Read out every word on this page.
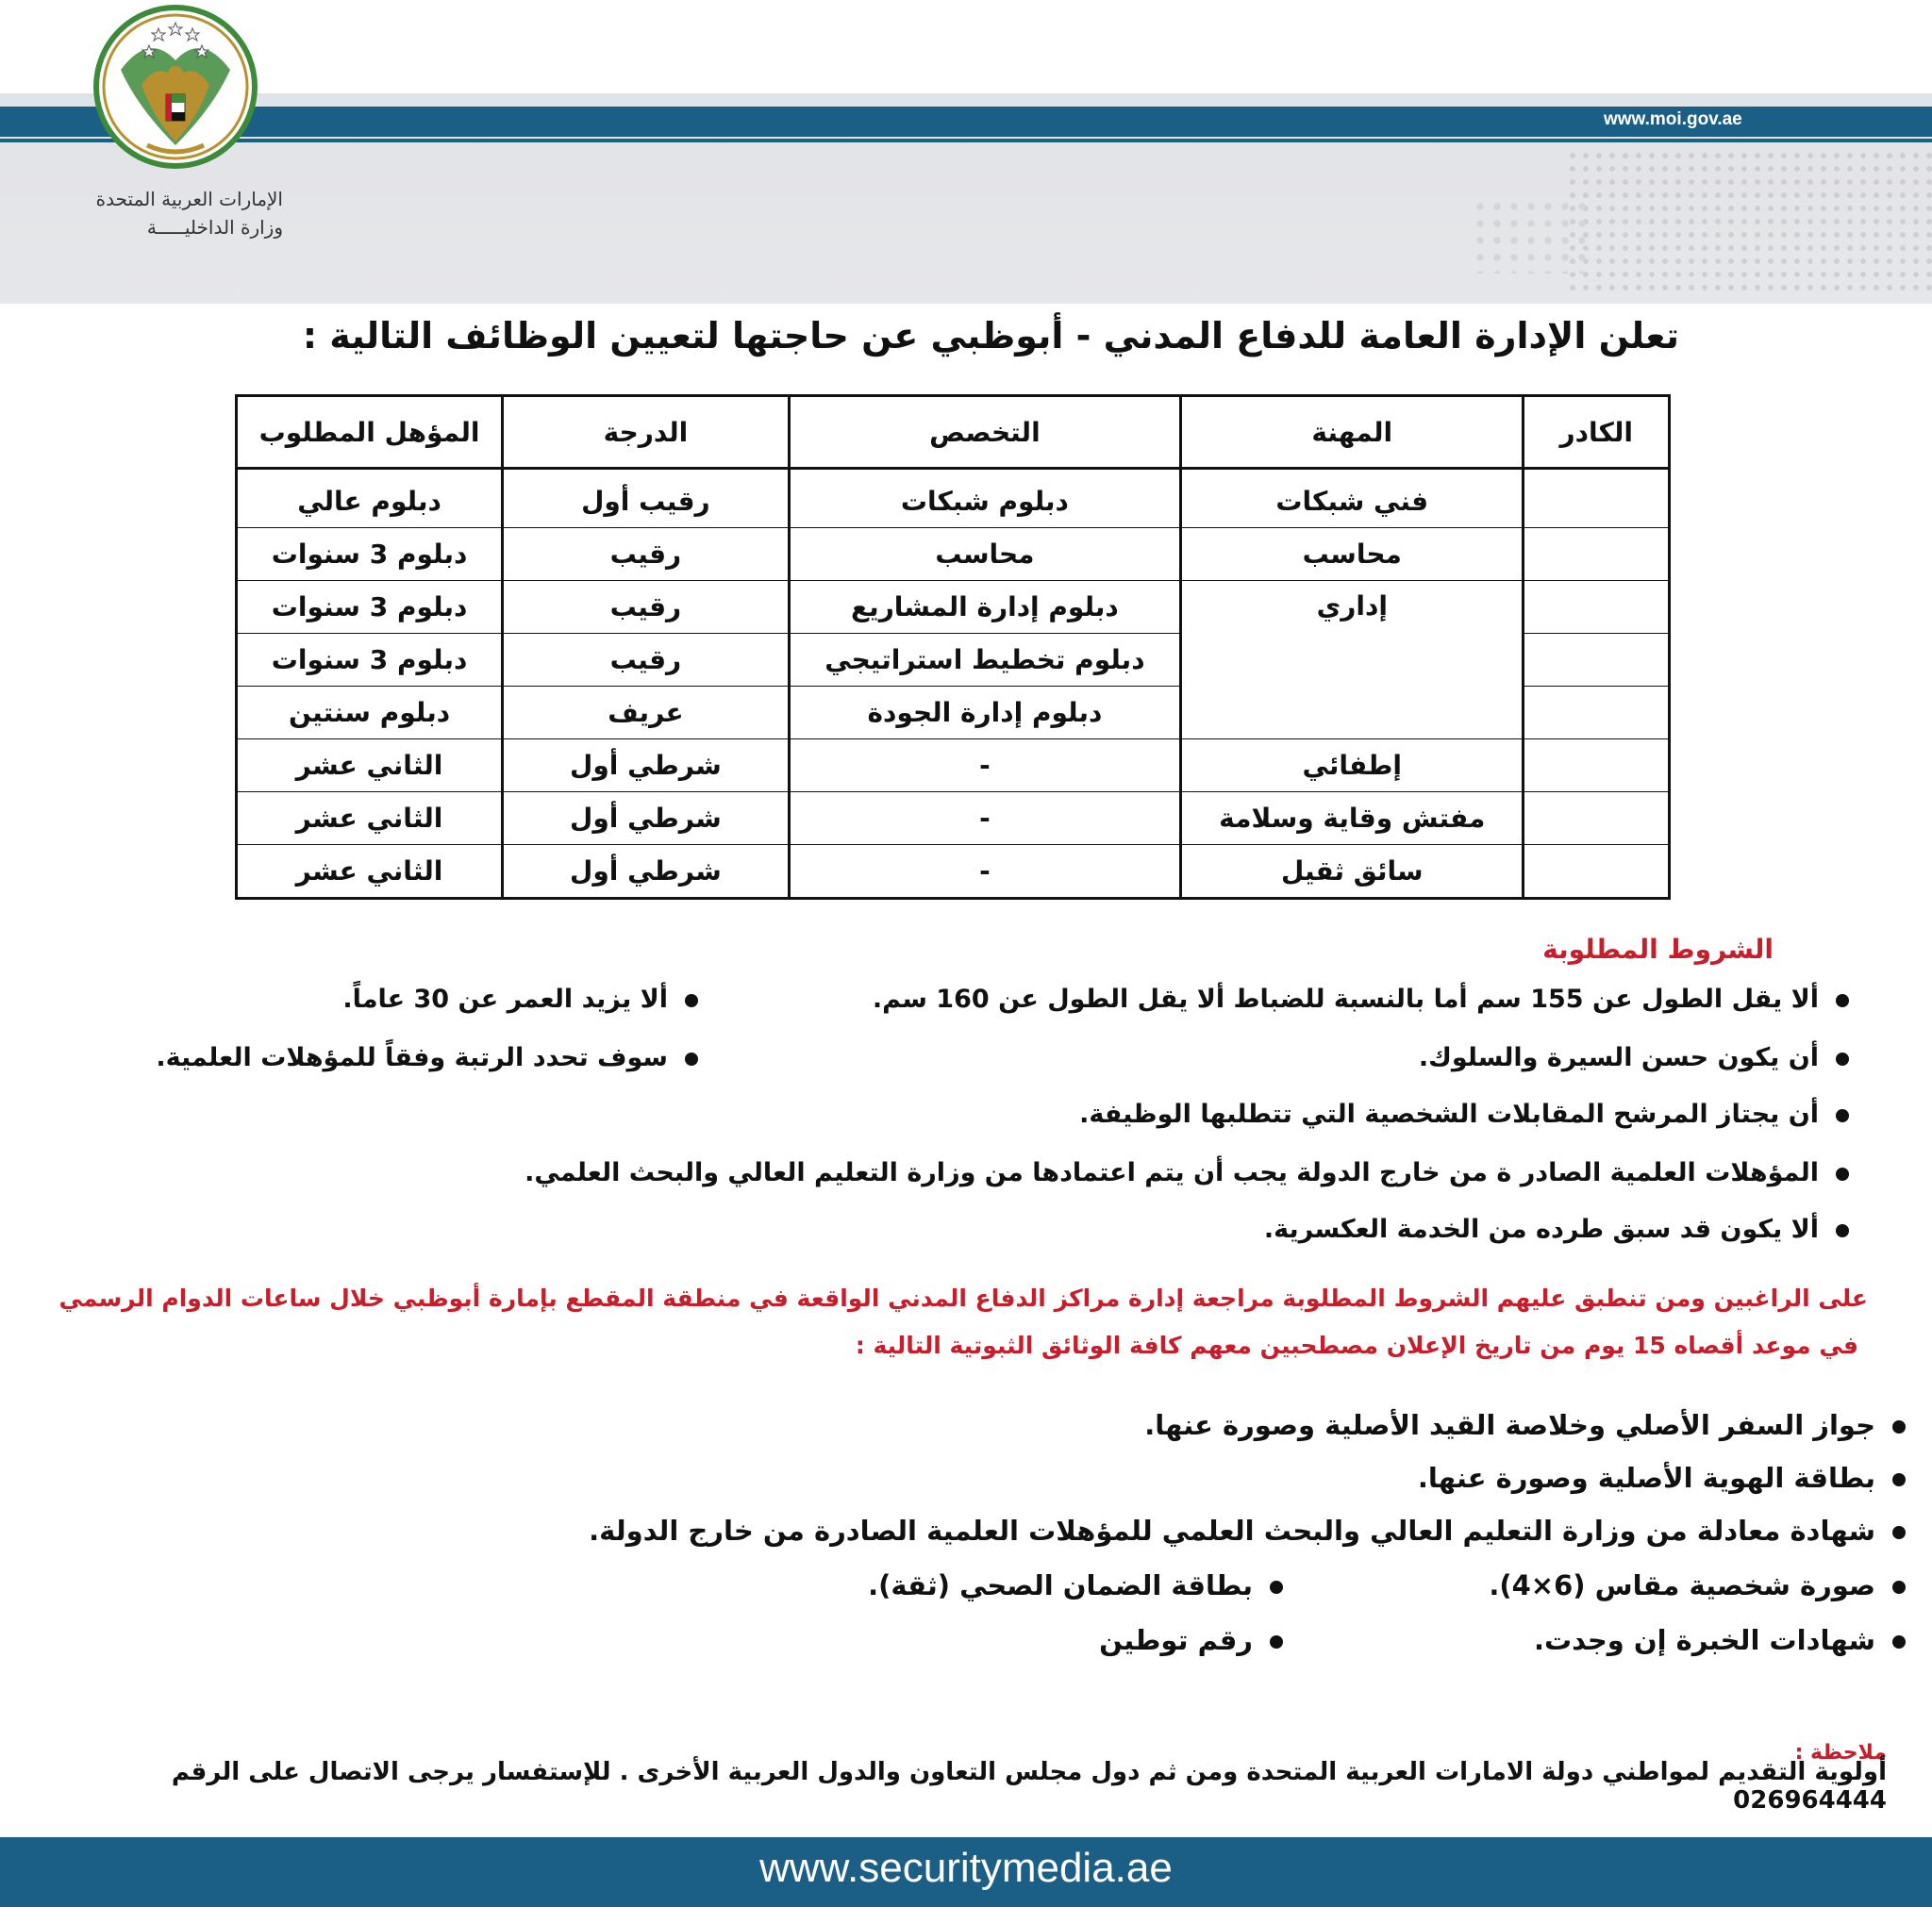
www.moi.gov.ae
الإمارات العربية المتحدة
وزارة الداخليـــــة
تعلن الإدارة العامة للدفاع المدني - أبوظبي عن حاجتها لتعيين الوظائف التالية :
الكادر	المهنة	التخصص	الدرجة	المؤهل المطلوب
	فني شبكات	دبلوم شبكات	رقيب أول	دبلوم عالي
	محاسب	محاسب	رقيب	دبلوم 3 سنوات
	إداري	دبلوم إدارة المشاريع	رقيب	دبلوم 3 سنوات
		دبلوم تخطيط استراتيجي	رقيب	دبلوم 3 سنوات
		دبلوم إدارة الجودة	عريف	دبلوم سنتين
	إطفائي	-	شرطي أول	الثاني عشر
	مفتش وقاية وسلامة	-	شرطي أول	الثاني عشر
	سائق ثقيل	-	شرطي أول	الثاني عشر
الشروط المطلوبة
ألا يقل الطول عن 155 سم أما بالنسبة للضباط ألا يقل الطول عن 160 سم.
ألا يزيد العمر عن 30 عاماً.
أن يكون حسن السيرة والسلوك.
سوف تحدد الرتبة وفقاً للمؤهلات العلمية.
أن يجتاز المرشح المقابلات الشخصية التي تتطلبها الوظيفة.
المؤهلات العلمية الصادر ة من خارج الدولة يجب أن يتم اعتمادها من وزارة التعليم العالي والبحث العلمي.
ألا يكون قد سبق طرده من الخدمة العكسرية.
على الراغبين ومن تنطبق عليهم الشروط المطلوبة مراجعة إدارة مراكز الدفاع المدني الواقعة في منطقة المقطع بإمارة أبوظبي خلال ساعات الدوام الرسمي
في موعد أقصاه 15 يوم من تاريخ الإعلان مصطحبين معهم كافة الوثائق الثبوتية التالية :
جواز السفر الأصلي وخلاصة القيد الأصلية وصورة عنها.
بطاقة الهوية الأصلية وصورة عنها.
شهادة معادلة من وزارة التعليم العالي والبحث العلمي للمؤهلات العلمية الصادرة من خارج الدولة.
صورة شخصية مقاس (6×4).
بطاقة الضمان الصحي (ثقة).
شهادات الخبرة إن وجدت.
رقم توطين
ملاحظة :
أولوية التقديم لمواطني دولة الامارات العربية المتحدة ومن ثم دول مجلس التعاون والدول العربية الأخرى . للإستفسار يرجى الاتصال على الرقم 026964444
www.securitymedia.ae
